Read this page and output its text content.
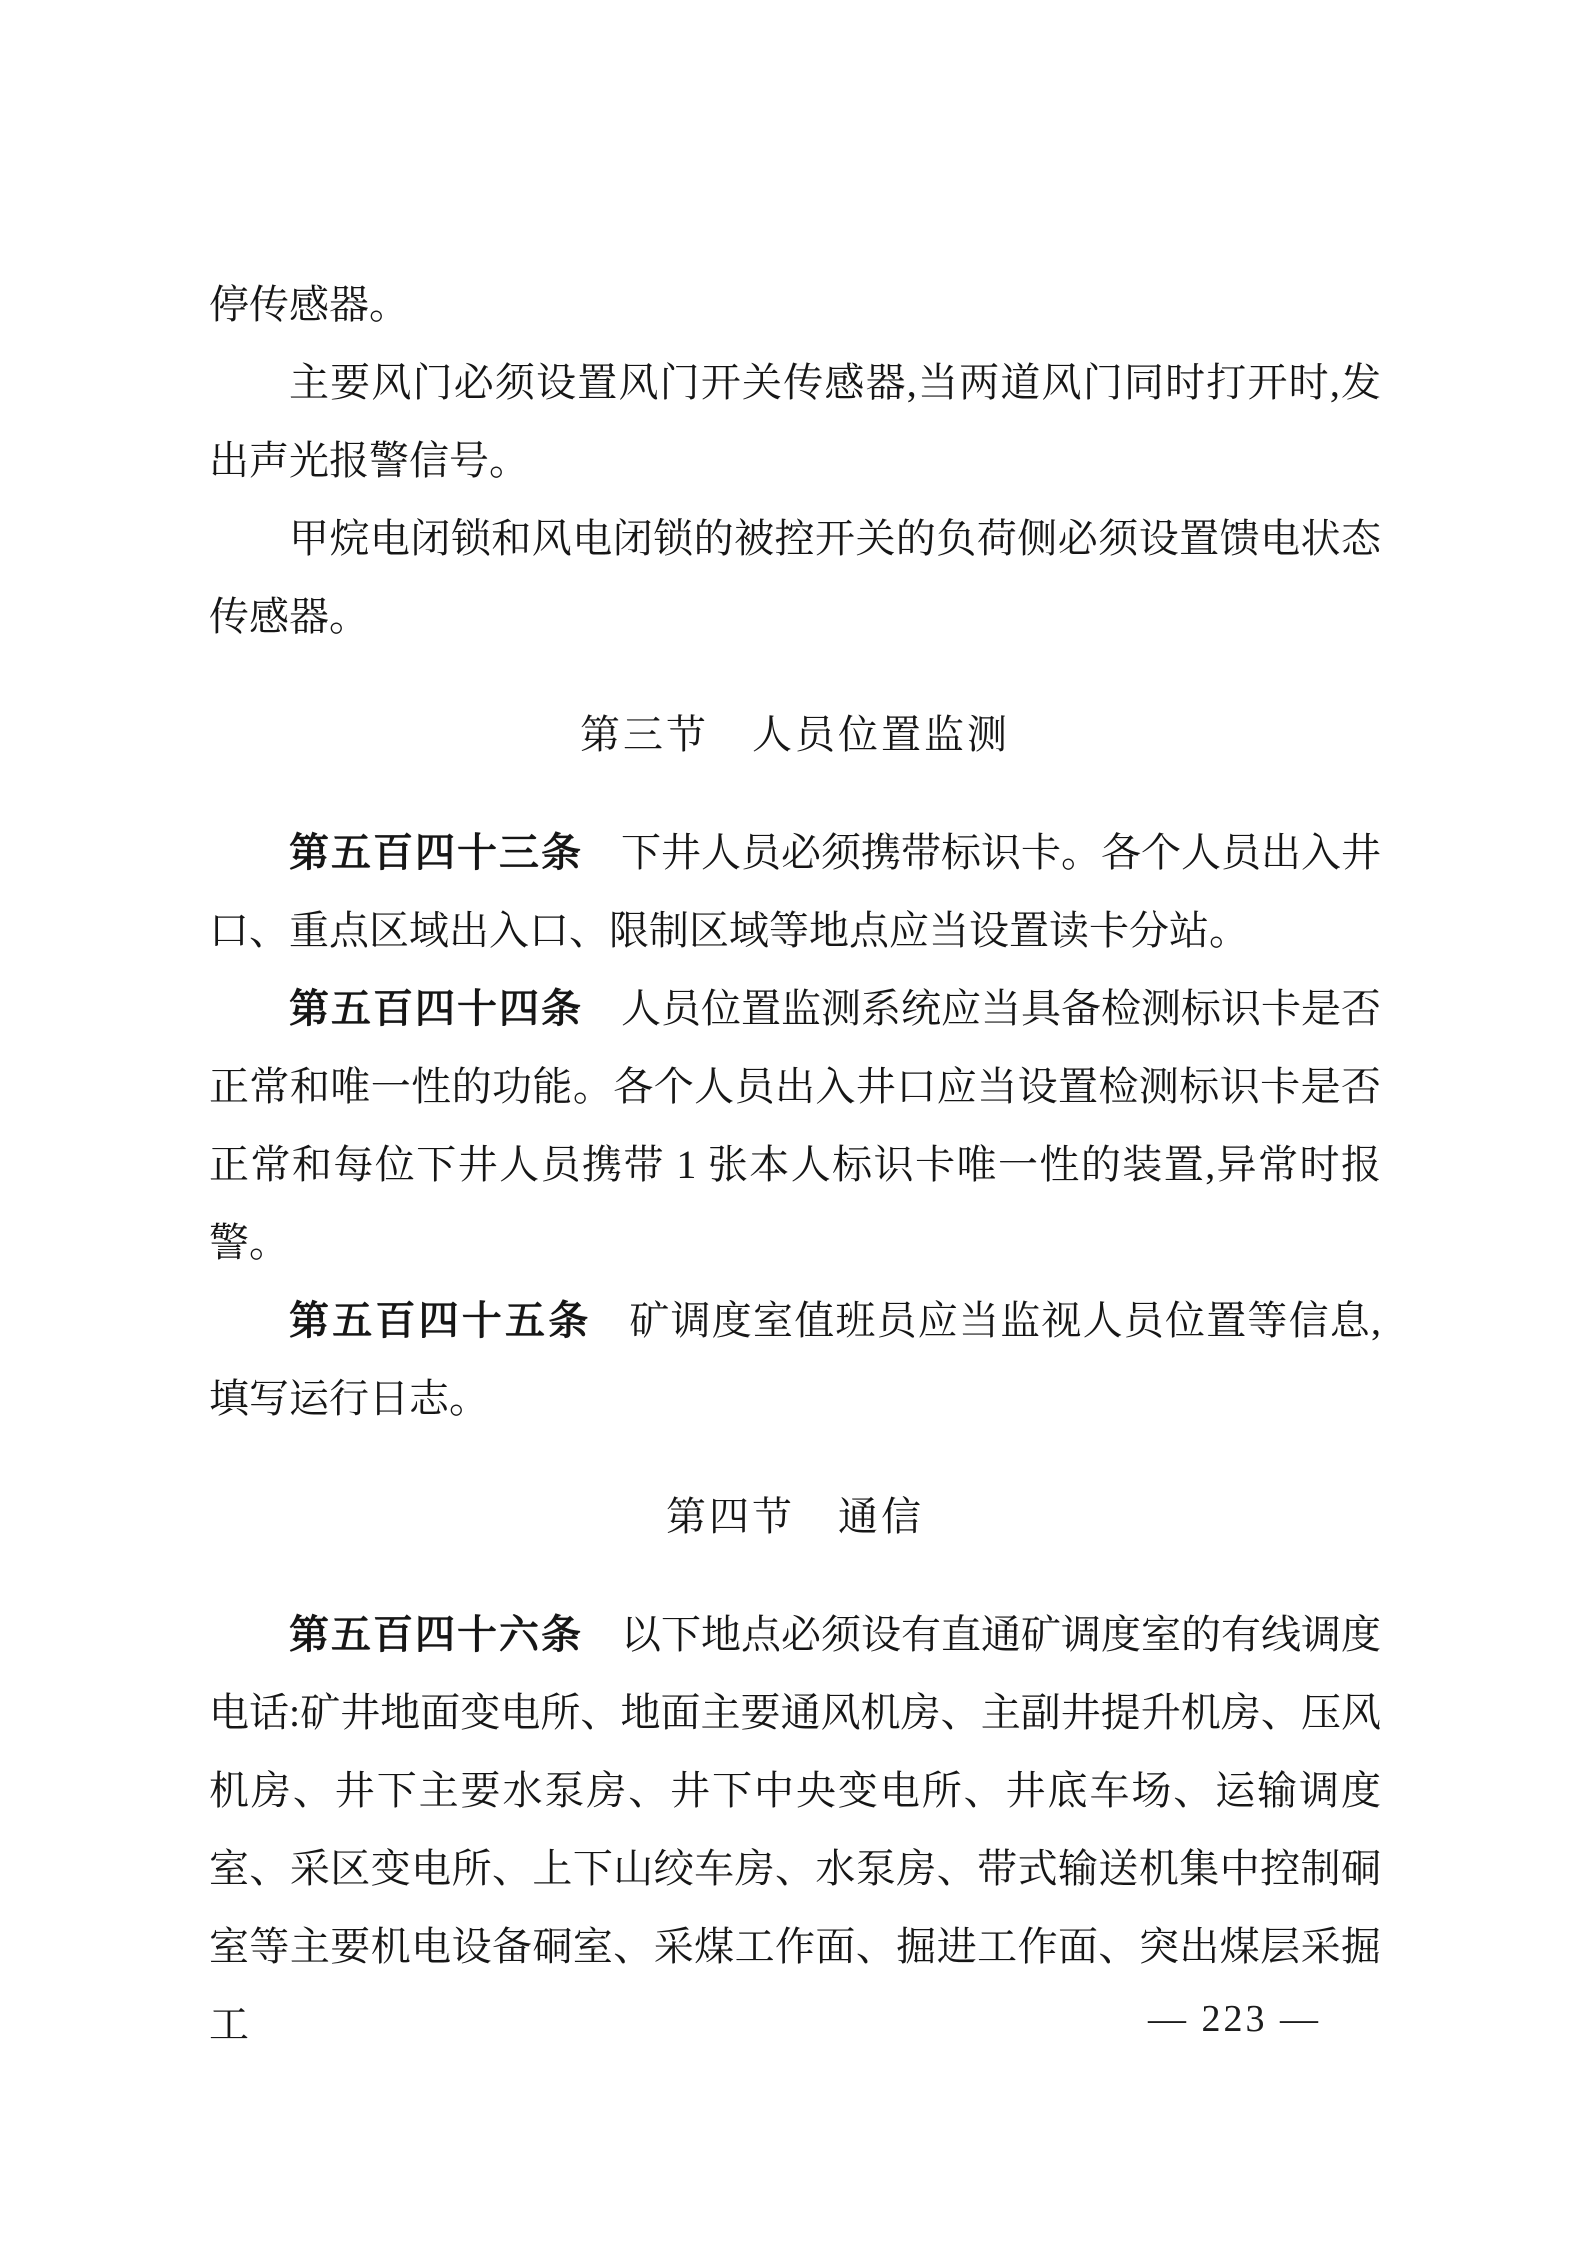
停传感器。

主要风门必须设置风门开关传感器,当两道风门同时打开时,发出声光报警信号。

甲烷电闭锁和风电闭锁的被控开关的负荷侧必须设置馈电状态传感器。

第三节　人员位置监测

第五百四十三条 下井人员必须携带标识卡。各个人员出入井口、重点区域出入口、限制区域等地点应当设置读卡分站。

第五百四十四条 人员位置监测系统应当具备检测标识卡是否正常和唯一性的功能。各个人员出入井口应当设置检测标识卡是否正常和每位下井人员携带 1 张本人标识卡唯一性的装置,异常时报警。

第五百四十五条 矿调度室值班员应当监视人员位置等信息,填写运行日志。

第四节　通信

第五百四十六条 以下地点必须设有直通矿调度室的有线调度电话:矿井地面变电所、地面主要通风机房、主副井提升机房、压风机房、井下主要水泵房、井下中央变电所、井底车场、运输调度室、采区变电所、上下山绞车房、水泵房、带式输送机集中控制硐室等主要机电设备硐室、采煤工作面、掘进工作面、突出煤层采掘工	— 223 —
